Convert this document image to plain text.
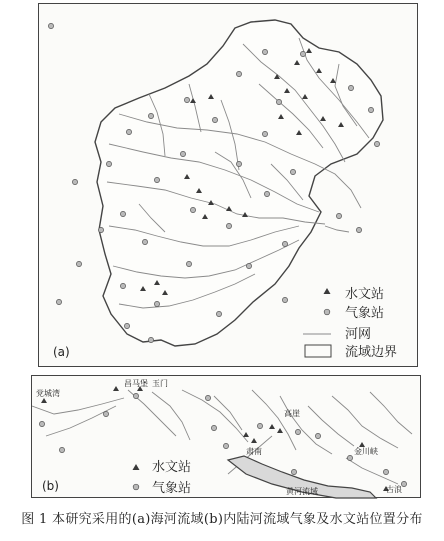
(a)
水文站
气象站
河网
流域边界
党城湾
昌马堡 玉门
高崖
肃南	金川峡
黄河流域	古浪
(b)
水文站
气象站
图 1 本研究采用的(a)海河流域(b)内陆河流域气象及水文站位置分布
